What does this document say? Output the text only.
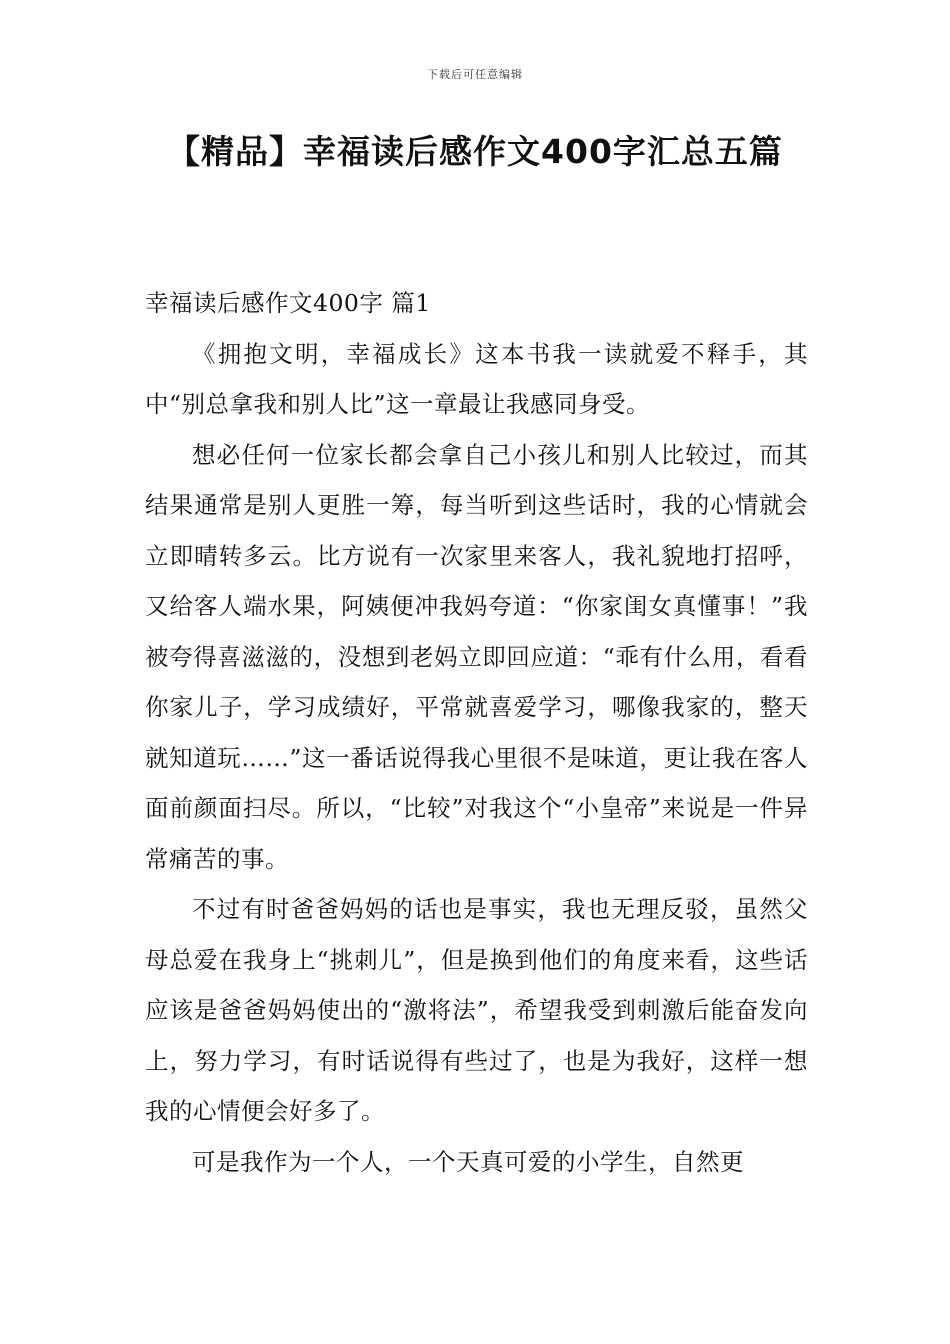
下载后可任意编辑
【精品】幸福读后感作文400字汇总五篇

幸福读后感作文400字 篇1

《拥抱文明，幸福成长》这本书我一读就爱不释手，其中“别总拿我和别人比”这一章最让我感同身受。

想必任何一位家长都会拿自己小孩儿和别人比较过，而其结果通常是别人更胜一筹，每当听到这些话时，我的心情就会立即晴转多云。比方说有一次家里来客人，我礼貌地打招呼，又给客人端水果，阿姨便冲我妈夸道：“你家闺女真懂事！”我被夸得喜滋滋的，没想到老妈立即回应道：“乖有什么用，看看你家儿子，学习成绩好，平常就喜爱学习，哪像我家的，整天就知道玩……”这一番话说得我心里很不是味道，更让我在客人面前颜面扫尽。所以，“比较”对我这个“小皇帝”来说是一件异常痛苦的事。

不过有时爸爸妈妈的话也是事实，我也无理反驳，虽然父母总爱在我身上“挑刺儿”，但是换到他们的角度来看，这些话应该是爸爸妈妈使出的“激将法”，希望我受到刺激后能奋发向上，努力学习，有时话说得有些过了，也是为我好，这样一想我的心情便会好多了。

可是我作为一个人，一个天真可爱的小学生，自然更
